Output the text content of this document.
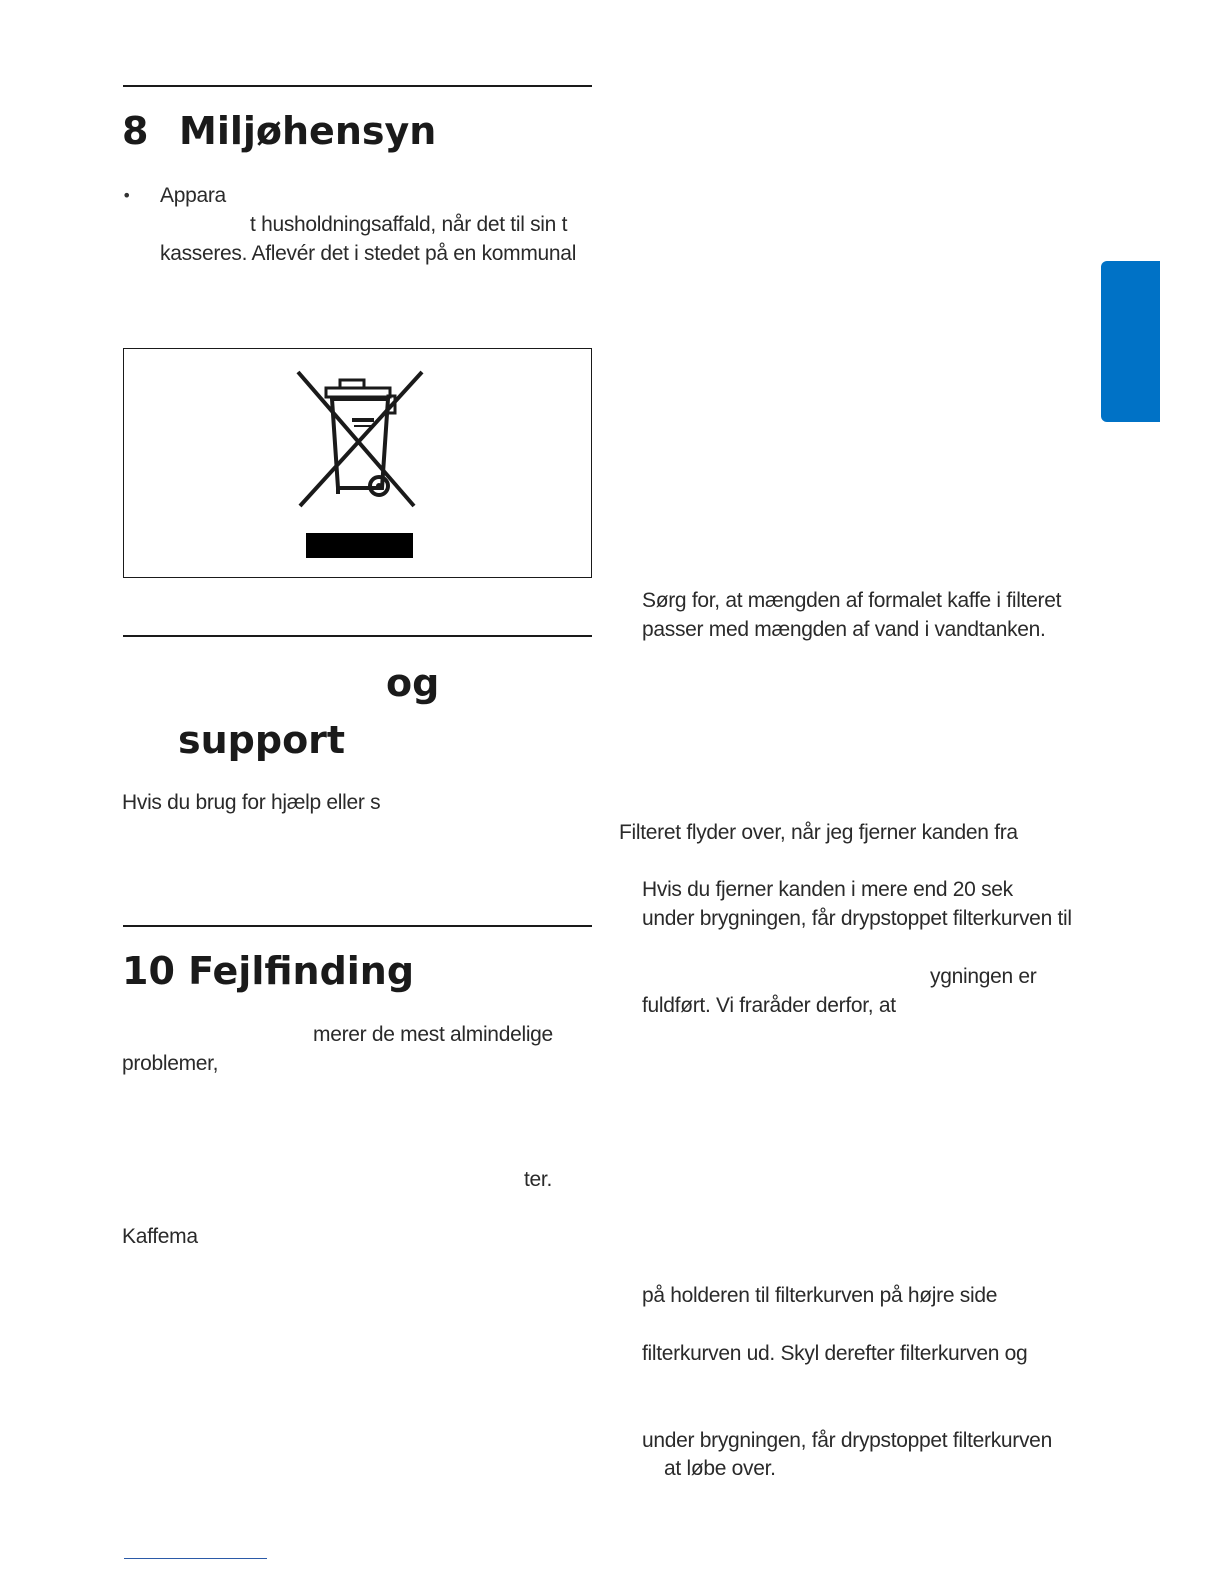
8 Miljøhensyn
• Appara
t husholdningsaffald, når det til sin t
kasseres. Aflevér det i stedet på en kommunal
og
support
Hvis du brug for hjælp eller s
10 Fejlfinding
merer de mest almindelige
problemer,
ter.
Kaffema
Sørg for, at mængden af formalet kaffe i filteret
passer med mængden af vand i vandtanken.
Filteret flyder over, når jeg fjerner kanden fra
Hvis du fjerner kanden i mere end 20 sek
under brygningen, får drypstoppet filterkurven til
ygningen er
fuldført. Vi fraråder derfor, at
på holderen til filterkurven på højre side
filterkurven ud. Skyl derefter filterkurven og
under brygningen, får drypstoppet filterkurven
at løbe over.
